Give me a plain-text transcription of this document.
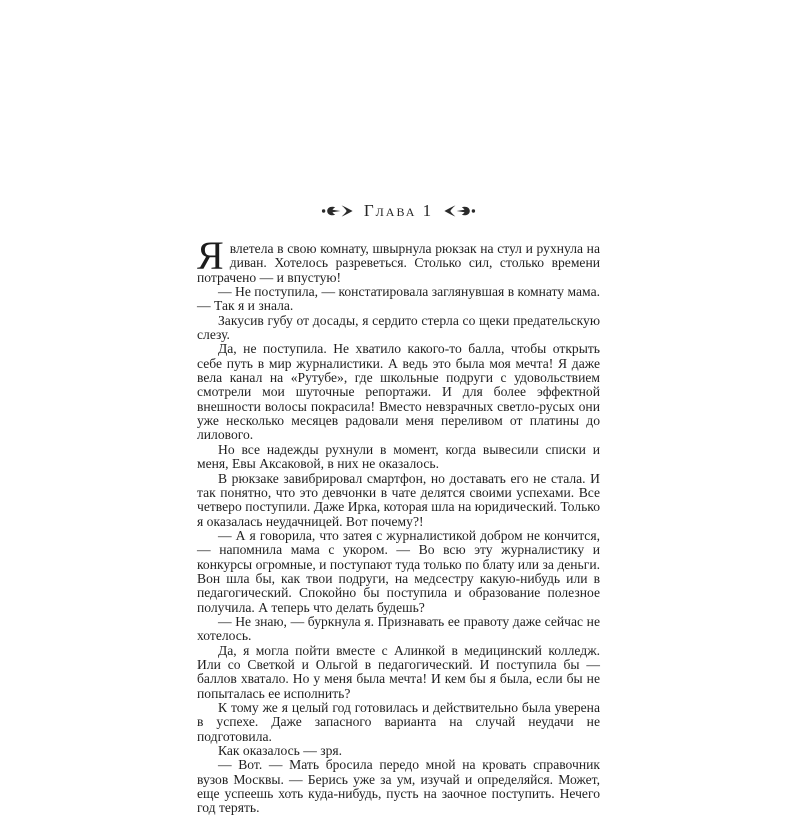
Глава 1

Явлетела в свою комнату, швырнула рюкзак на стул и рухнула на диван. Хотелось разреветься. Столько сил, столько времени потрачено — и впустую!

— Не поступила, — констатировала заглянувшая в комнату мама. — Так я и знала.

Закусив губу от досады, я сердито стерла со щеки предательскую слезу.

Да, не поступила. Не хватило какого-то балла, чтобы открыть себе путь в мир журналистики. А ведь это была моя мечта! Я даже вела канал на «Рутубе», где школьные подруги с удовольствием смотрели мои шуточные репортажи. И для более эффектной внешности волосы покрасила! Вместо невзрачных светло-русых они уже несколько месяцев радовали меня переливом от платины до лилового.

Но все надежды рухнули в момент, когда вывесили списки и меня, Евы Аксаковой, в них не оказалось.

В рюкзаке завибрировал смартфон, но доставать его не стала. И так понятно, что это девчонки в чате делятся своими успехами. Все четверо поступили. Даже Ирка, которая шла на юридический. Только я оказалась неудачницей. Вот почему?!

— А я говорила, что затея с журналистикой добром не кончится, — напомнила мама с укором. — Во всю эту журналистику и конкурсы огромные, и поступают туда только по блату или за деньги. Вон шла бы, как твои подруги, на медсестру какую-нибудь или в педагогический. Спокойно бы поступила и образование полезное получила. А теперь что делать будешь?

— Не знаю, — буркнула я. Признавать ее правоту даже сейчас не хотелось.

Да, я могла пойти вместе с Алинкой в медицинский колледж. Или со Светкой и Ольгой в педагогический. И поступила бы — баллов хватало. Но у меня была мечта! И кем бы я была, если бы не попыталась ее исполнить?

К тому же я целый год готовилась и действительно была уверена в успехе. Даже запасного варианта на случай неудачи не подготовила.

Как оказалось — зря.

— Вот. — Мать бросила передо мной на кровать справочник вузов Москвы. — Берись уже за ум, изучай и определяйся. Может, еще успеешь хоть куда-нибудь, пусть на заочное поступить. Нечего год терять.
